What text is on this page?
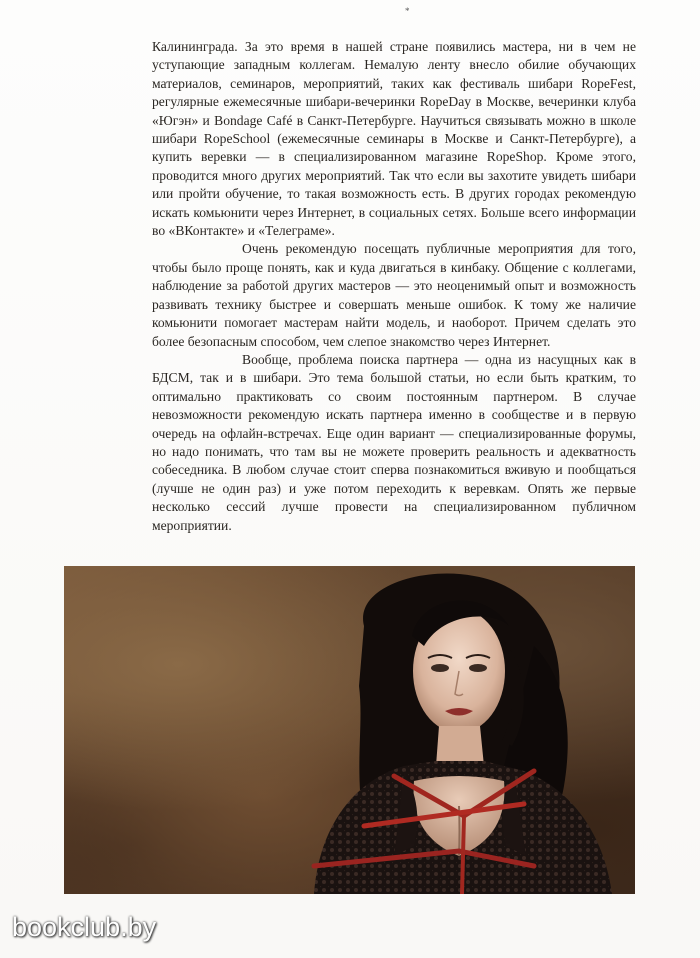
*

Калининграда. За это время в нашей стране появились мастера, ни в чем не уступающие западным коллегам. Немалую ленту внесло обилие обучающих материалов, семинаров, мероприятий, таких как фестиваль шибари RopeFest, регулярные ежемесячные шибари-вечеринки RopeDay в Москве, вечеринки клуба «Югэн» и Bondage Café в Санкт-Петербурге. Научиться связывать можно в школе шибари RopeSchool (ежемесячные семинары в Москве и Санкт-Петербурге), а купить веревки — в специализированном магазине RopeShop. Кроме этого, проводится много других мероприятий. Так что если вы захотите увидеть шибари или пройти обучение, то такая возможность есть. В других городах рекомендую искать комьюнити через Интернет, в социальных сетях. Больше всего информации во «ВКонтакте» и «Телеграме».

Очень рекомендую посещать публичные мероприятия для того, чтобы было проще понять, как и куда двигаться в кинбаку. Общение с коллегами, наблюдение за работой других мастеров — это неоценимый опыт и возможность развивать технику быстрее и совершать меньше ошибок. К тому же наличие комьюнити помогает мастерам найти модель, и наоборот. Причем сделать это более безопасным способом, чем слепое знакомство через Интернет.

Вообще, проблема поиска партнера — одна из насущных как в БДСМ, так и в шибари. Это тема большой статьи, но если быть кратким, то оптимально практиковать со своим постоянным партнером. В случае невозможности рекомендую искать партнера именно в сообществе и в первую очередь на офлайн-встречах. Еще один вариант — специализированные форумы, но надо понимать, что там вы не можете проверить реальность и адекватность собеседника. В любом случае стоит сперва познакомиться вживую и пообщаться (лучше не один раз) и уже потом переходить к веревкам. Опять же первые несколько сессий лучше провести на специализированном публичном мероприятии.

bookclub.by
